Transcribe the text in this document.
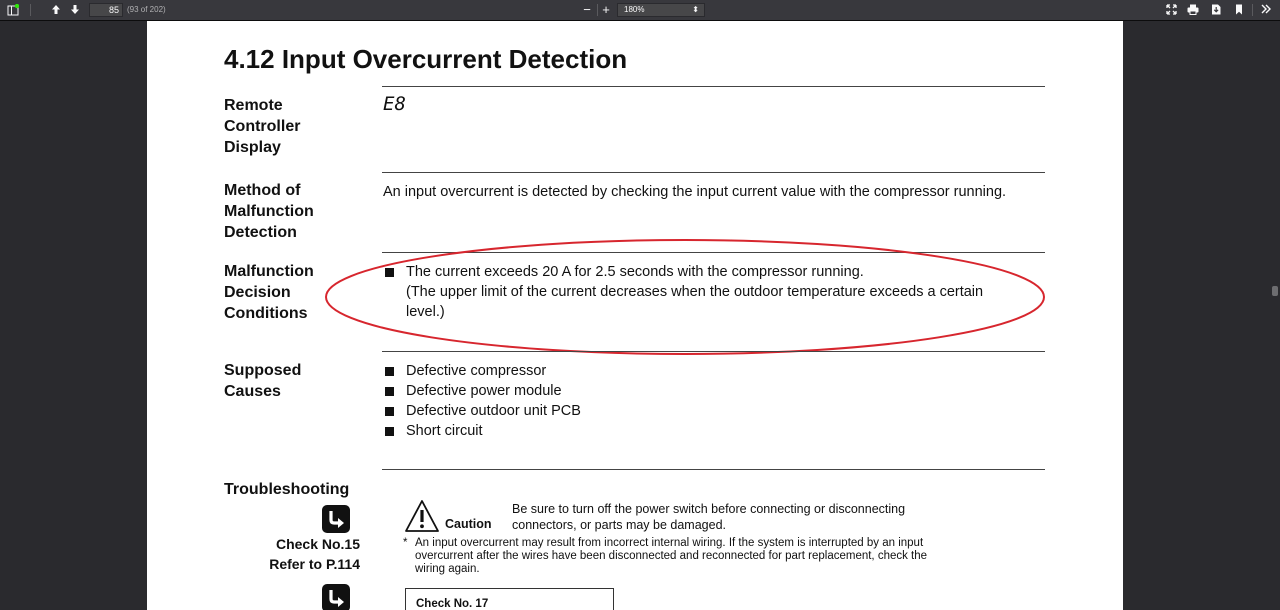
85
(93 of 202)	− +	180%	⬍
4.12 Input Overcurrent Detection
Remote
Controller
Display
E8
Method of
Malfunction
Detection
An input overcurrent is detected by checking the input current value with the compressor running.
Malfunction
Decision
Conditions
The current exceeds 20 A for 2.5 seconds with the compressor running.
(The upper limit of the current decreases when the outdoor temperature exceeds a certain
level.)
Supposed
Causes
Defective compressor
Defective power module
Defective outdoor unit PCB
Short circuit
Troubleshooting
Check No.15
Refer to P.114
Caution
Be sure to turn off the power switch before connecting or disconnecting
connectors, or parts may be damaged.
* An input overcurrent may result from incorrect internal wiring. If the system is interrupted by an input
overcurrent after the wires have been disconnected and reconnected for part replacement, check the
wiring again.
Check No. 17
